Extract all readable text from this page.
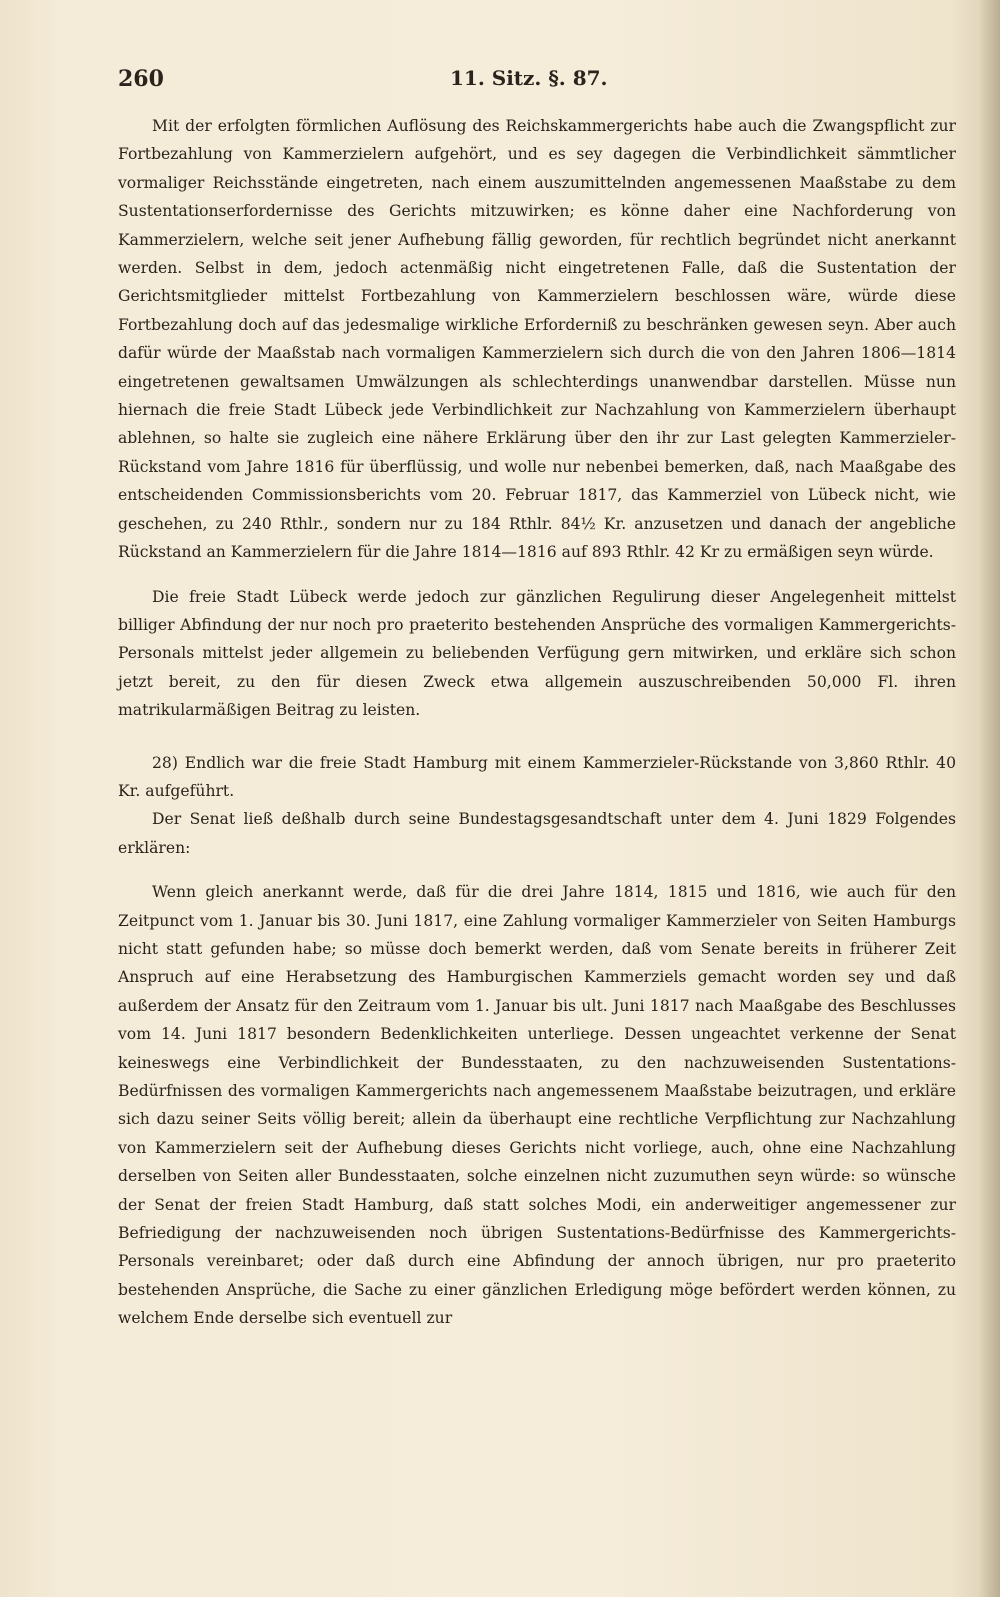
260	11. Sitz. §. 87.

Mit der erfolgten förmlichen Auflösung des Reichskammergerichts habe auch die Zwangspflicht zur Fortbezahlung von Kammerzielern aufgehört, und es sey dagegen die Verbindlichkeit sämmtlicher vormaliger Reichsstände eingetreten, nach einem auszumittelnden angemessenen Maaßstabe zu dem Sustentationserfordernisse des Gerichts mitzuwirken; es könne daher eine Nachforderung von Kammerzielern, welche seit jener Aufhebung fällig geworden, für rechtlich begründet nicht anerkannt werden. Selbst in dem, jedoch actenmäßig nicht eingetretenen Falle, daß die Sustentation der Gerichtsmitglieder mittelst Fortbezahlung von Kammerzielern beschlossen wäre, würde diese Fortbezahlung doch auf das jedesmalige wirkliche Erforderniß zu beschränken gewesen seyn. Aber auch dafür würde der Maaßstab nach vormaligen Kammerzielern sich durch die von den Jahren 1806—1814 eingetretenen gewaltsamen Umwälzungen als schlechterdings unanwendbar darstellen. Müsse nun hiernach die freie Stadt Lübeck jede Verbindlichkeit zur Nachzahlung von Kammerzielern überhaupt ablehnen, so halte sie zugleich eine nähere Erklärung über den ihr zur Last gelegten Kammerzieler-Rückstand vom Jahre 1816 für überflüssig, und wolle nur nebenbei bemerken, daß, nach Maaßgabe des entscheidenden Commissionsberichts vom 20. Februar 1817, das Kammerziel von Lübeck nicht, wie geschehen, zu 240 Rthlr., sondern nur zu 184 Rthlr. 84½ Kr. anzusetzen und danach der angebliche Rückstand an Kammerzielern für die Jahre 1814—1816 auf 893 Rthlr. 42 Kr zu ermäßigen seyn würde.

Die freie Stadt Lübeck werde jedoch zur gänzlichen Regulirung dieser Angelegenheit mittelst billiger Abfindung der nur noch pro praeterito bestehenden Ansprüche des vormaligen Kammergerichts-Personals mittelst jeder allgemein zu beliebenden Verfügung gern mitwirken, und erkläre sich schon jetzt bereit, zu den für diesen Zweck etwa allgemein auszuschreibenden 50,000 Fl. ihren matrikularmäßigen Beitrag zu leisten.

28) Endlich war die freie Stadt Hamburg mit einem Kammerzieler-Rückstande von 3,860 Rthlr. 40 Kr. aufgeführt.

Der Senat ließ deßhalb durch seine Bundestagsgesandtschaft unter dem 4. Juni 1829 Folgendes erklären:

Wenn gleich anerkannt werde, daß für die drei Jahre 1814, 1815 und 1816, wie auch für den Zeitpunct vom 1. Januar bis 30. Juni 1817, eine Zahlung vormaliger Kammerzieler von Seiten Hamburgs nicht statt gefunden habe; so müsse doch bemerkt werden, daß vom Senate bereits in früherer Zeit Anspruch auf eine Herabsetzung des Hamburgischen Kammerziels gemacht worden sey und daß außerdem der Ansatz für den Zeitraum vom 1. Januar bis ult. Juni 1817 nach Maaßgabe des Beschlusses vom 14. Juni 1817 besondern Bedenklichkeiten unterliege. Dessen ungeachtet verkenne der Senat keineswegs eine Verbindlichkeit der Bundesstaaten, zu den nachzuweisenden Sustentations-Bedürfnissen des vormaligen Kammergerichts nach angemessenem Maaßstabe beizutragen, und erkläre sich dazu seiner Seits völlig bereit; allein da überhaupt eine rechtliche Verpflichtung zur Nachzahlung von Kammerzielern seit der Aufhebung dieses Gerichts nicht vorliege, auch, ohne eine Nachzahlung derselben von Seiten aller Bundesstaaten, solche einzelnen nicht zuzumuthen seyn würde: so wünsche der Senat der freien Stadt Hamburg, daß statt solches Modi, ein anderweitiger angemessener zur Befriedigung der nachzuweisenden noch übrigen Sustentations-Bedürfnisse des Kammergerichts-Personals vereinbaret; oder daß durch eine Abfindung der annoch übrigen, nur pro praeterito bestehenden Ansprüche, die Sache zu einer gänzlichen Erledigung möge befördert werden können, zu welchem Ende derselbe sich eventuell zur
